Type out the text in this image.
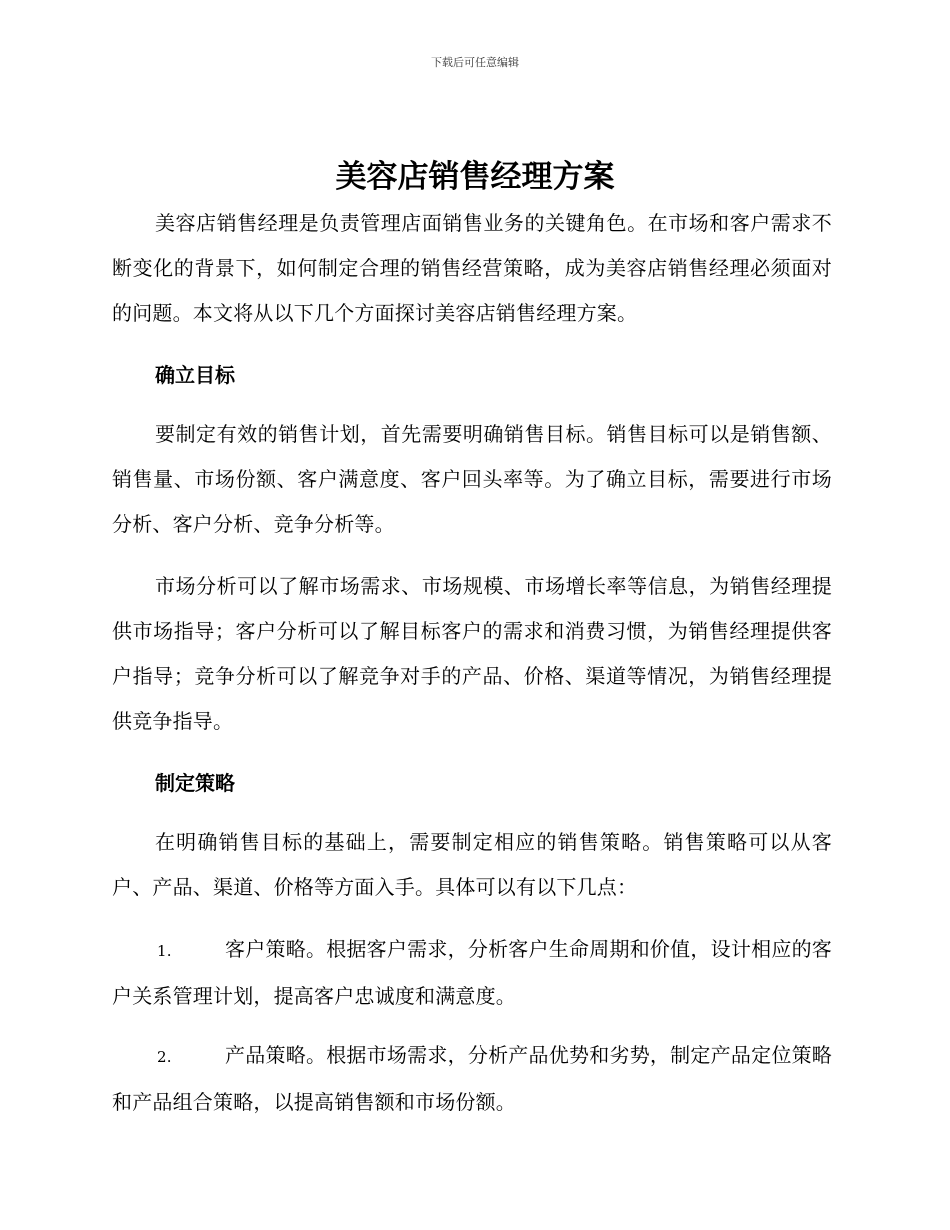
下载后可任意编辑
美容店销售经理方案

美容店销售经理是负责管理店面销售业务的关键角色。在市场和客户需求不断变化的背景下，如何制定合理的销售经营策略，成为美容店销售经理必须面对的问题。本文将从以下几个方面探讨美容店销售经理方案。

确立目标

要制定有效的销售计划，首先需要明确销售目标。销售目标可以是销售额、销售量、市场份额、客户满意度、客户回头率等。为了确立目标，需要进行市场分析、客户分析、竞争分析等。

市场分析可以了解市场需求、市场规模、市场增长率等信息，为销售经理提供市场指导；客户分析可以了解目标客户的需求和消费习惯，为销售经理提供客户指导；竞争分析可以了解竞争对手的产品、价格、渠道等情况，为销售经理提供竞争指导。

制定策略

在明确销售目标的基础上，需要制定相应的销售策略。销售策略可以从客户、产品、渠道、价格等方面入手。具体可以有以下几点：

1.	客户策略。根据客户需求，分析客户生命周期和价值，设计相应的客户关系管理计划，提高客户忠诚度和满意度。
2.	产品策略。根据市场需求，分析产品优势和劣势，制定产品定位策略和产品组合策略，以提高销售额和市场份额。
